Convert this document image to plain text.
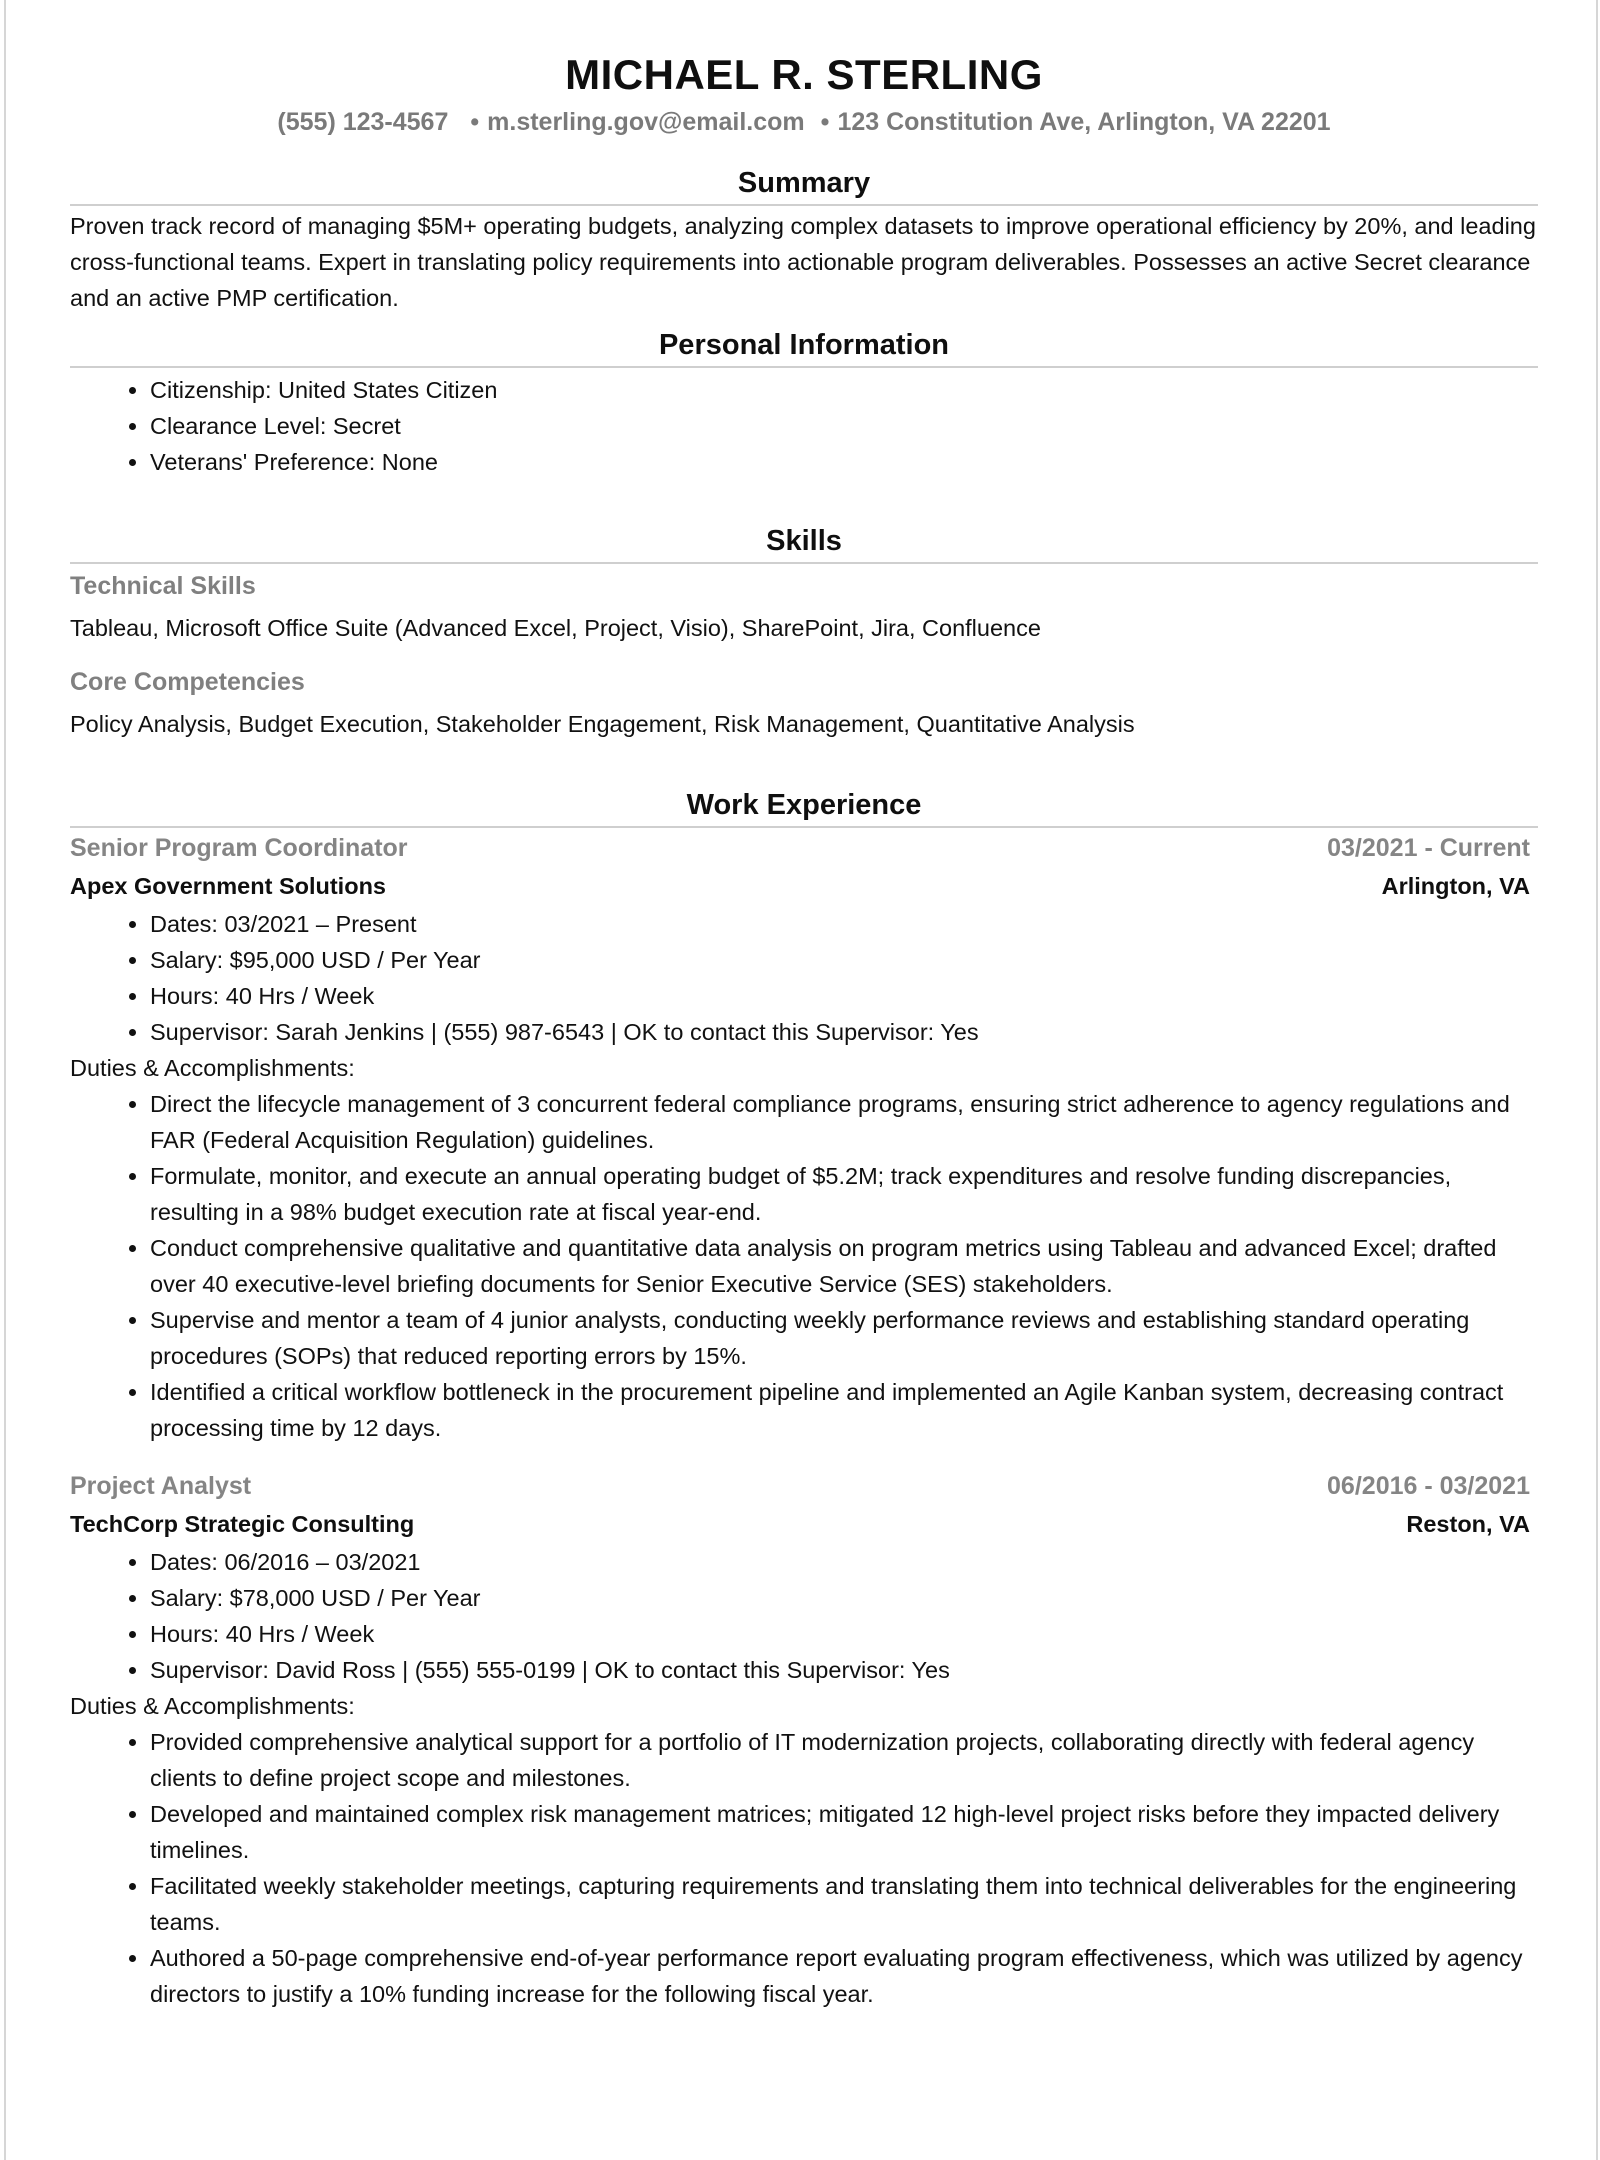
MICHAEL R. STERLING
(555) 123-4567 • m.sterling.gov@email.com • 123 Constitution Ave, Arlington, VA 22201
Summary
Proven track record of managing $5M+ operating budgets, analyzing complex datasets to improve operational efficiency by 20%, and leading cross-functional teams. Expert in translating policy requirements into actionable program deliverables. Possesses an active Secret clearance and an active PMP certification.
Personal Information
• Citizenship: United States Citizen
• Clearance Level: Secret
• Veterans' Preference: None
Skills
Technical Skills
Tableau, Microsoft Office Suite (Advanced Excel, Project, Visio), SharePoint, Jira, Confluence
Core Competencies
Policy Analysis, Budget Execution, Stakeholder Engagement, Risk Management, Quantitative Analysis
Work Experience
Senior Program Coordinator	03/2021 - Current
Apex Government Solutions	Arlington, VA
• Dates: 03/2021 – Present
• Salary: $95,000 USD / Per Year
• Hours: 40 Hrs / Week
• Supervisor: Sarah Jenkins | (555) 987-6543 | OK to contact this Supervisor: Yes
Duties & Accomplishments:
• Direct the lifecycle management of 3 concurrent federal compliance programs, ensuring strict adherence to agency regulations and FAR (Federal Acquisition Regulation) guidelines.
• Formulate, monitor, and execute an annual operating budget of $5.2M; track expenditures and resolve funding discrepancies, resulting in a 98% budget execution rate at fiscal year-end.
• Conduct comprehensive qualitative and quantitative data analysis on program metrics using Tableau and advanced Excel; drafted over 40 executive-level briefing documents for Senior Executive Service (SES) stakeholders.
• Supervise and mentor a team of 4 junior analysts, conducting weekly performance reviews and establishing standard operating procedures (SOPs) that reduced reporting errors by 15%.
• Identified a critical workflow bottleneck in the procurement pipeline and implemented an Agile Kanban system, decreasing contract processing time by 12 days.
Project Analyst	06/2016 - 03/2021
TechCorp Strategic Consulting	Reston, VA
• Dates: 06/2016 – 03/2021
• Salary: $78,000 USD / Per Year
• Hours: 40 Hrs / Week
• Supervisor: David Ross | (555) 555-0199 | OK to contact this Supervisor: Yes
Duties & Accomplishments:
• Provided comprehensive analytical support for a portfolio of IT modernization projects, collaborating directly with federal agency clients to define project scope and milestones.
• Developed and maintained complex risk management matrices; mitigated 12 high-level project risks before they impacted delivery timelines.
• Facilitated weekly stakeholder meetings, capturing requirements and translating them into technical deliverables for the engineering teams.
• Authored a 50-page comprehensive end-of-year performance report evaluating program effectiveness, which was utilized by agency directors to justify a 10% funding increase for the following fiscal year.
